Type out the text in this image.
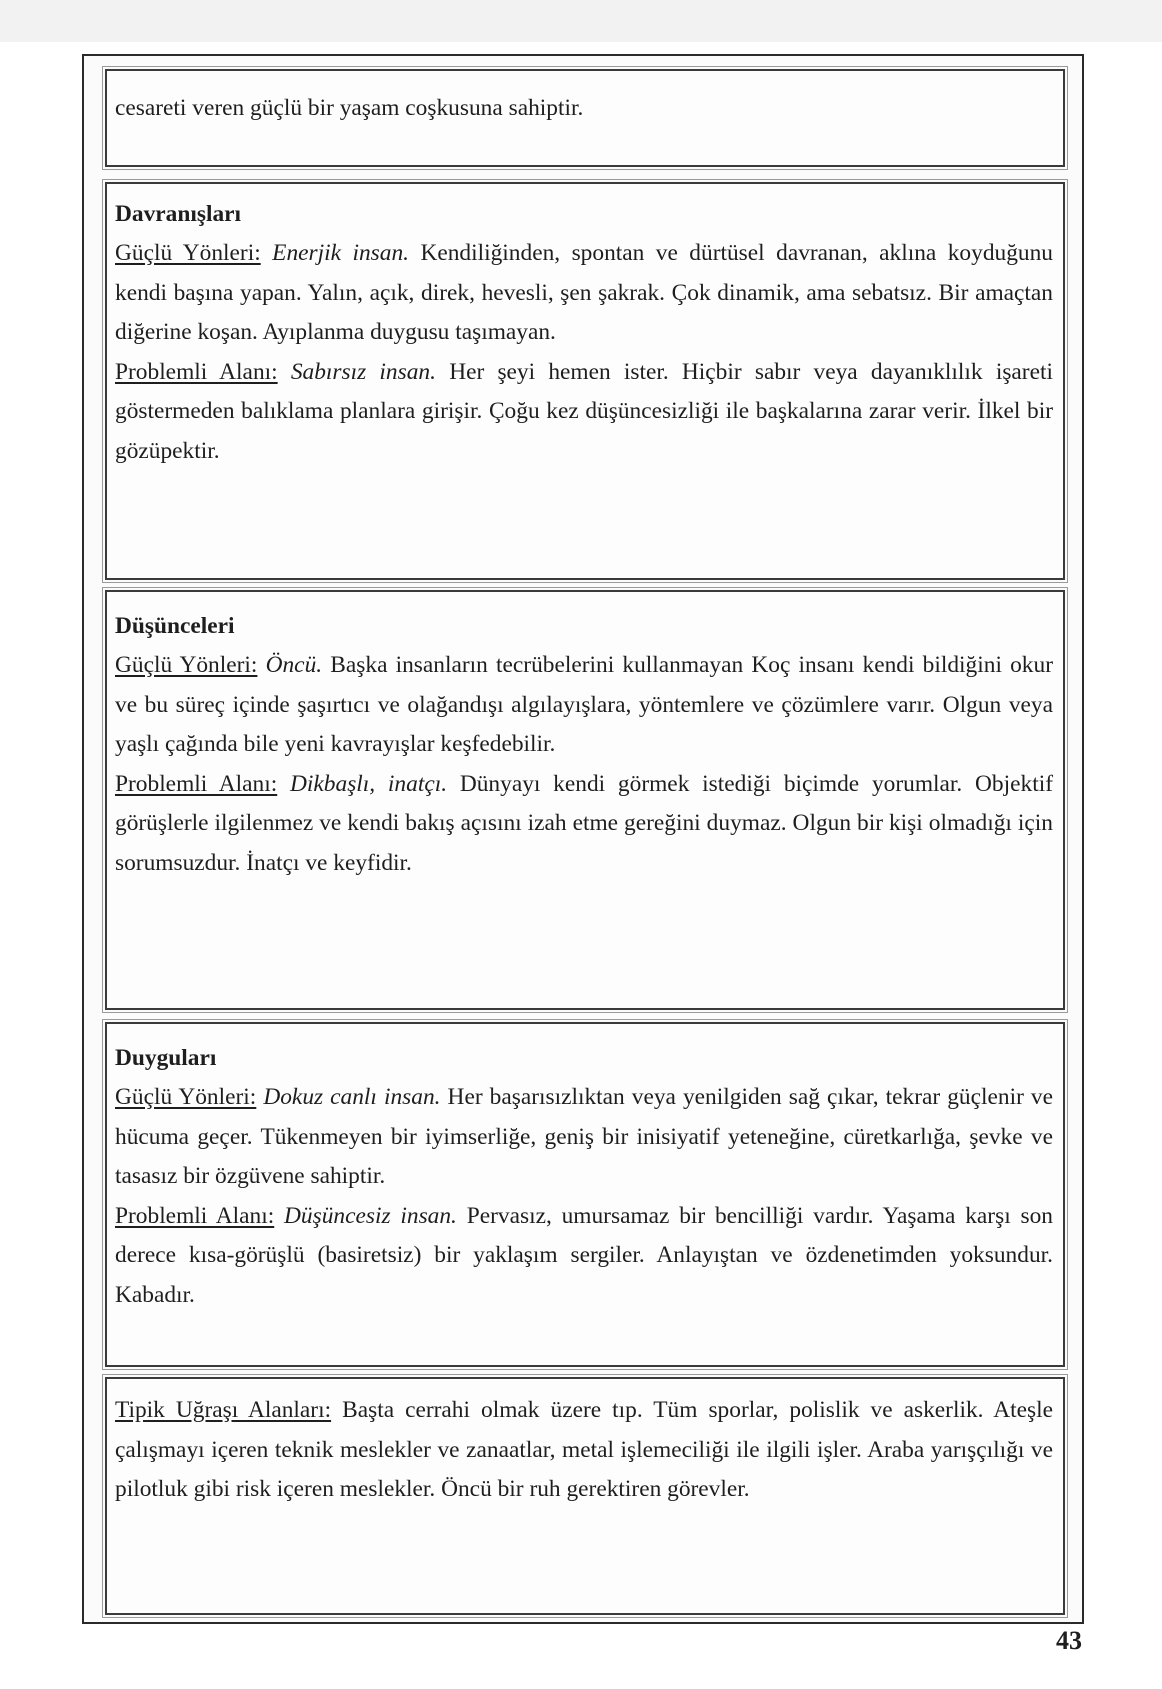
cesareti veren güçlü bir yaşam coşkusuna sahiptir.

Davranışları

Güçlü Yönleri: Enerjik insan. Kendiliğinden, spontan ve dürtüsel davranan, aklına koyduğunu kendi başına yapan. Yalın, açık, direk, hevesli, şen şakrak. Çok dinamik, ama sebatsız. Bir amaçtan diğerine koşan. Ayıplanma duygusu taşımayan.

Problemli Alanı: Sabırsız insan. Her şeyi hemen ister. Hiçbir sabır veya dayanıklılık işareti göstermeden balıklama planlara girişir. Çoğu kez düşüncesizliği ile başkalarına zarar verir. İlkel bir gözüpektir.

Düşünceleri

Güçlü Yönleri: Öncü. Başka insanların tecrübelerini kullanmayan Koç insanı kendi bildiğini okur ve bu süreç içinde şaşırtıcı ve olağandışı algılayışlara, yöntemlere ve çözümlere varır. Olgun veya yaşlı çağında bile yeni kavrayışlar keşfedebilir.

Problemli Alanı: Dikbaşlı, inatçı. Dünyayı kendi görmek istediği biçimde yorumlar. Objektif görüşlerle ilgilenmez ve kendi bakış açısını izah etme gereğini duymaz. Olgun bir kişi olmadığı için sorumsuzdur. İnatçı ve keyfidir.

Duyguları

Güçlü Yönleri: Dokuz canlı insan. Her başarısızlıktan veya yenilgiden sağ çıkar, tekrar güçlenir ve hücuma geçer. Tükenmeyen bir iyimserliğe, geniş bir inisiyatif yeteneğine, cüretkarlığa, şevke ve tasasız bir özgüvene sahiptir.

Problemli Alanı: Düşüncesiz insan. Pervasız, umursamaz bir bencilliği vardır. Yaşama karşı son derece kısa-görüşlü (basiretsiz) bir yaklaşım sergiler. Anlayıştan ve özdenetimden yoksundur. Kabadır.

Tipik Uğraşı Alanları: Başta cerrahi olmak üzere tıp. Tüm sporlar, polislik ve askerlik. Ateşle çalışmayı içeren teknik meslekler ve zanaatlar, metal işlemeciliği ile ilgili işler. Araba yarışçılığı ve pilotluk gibi risk içeren meslekler. Öncü bir ruh gerektiren görevler.

43
